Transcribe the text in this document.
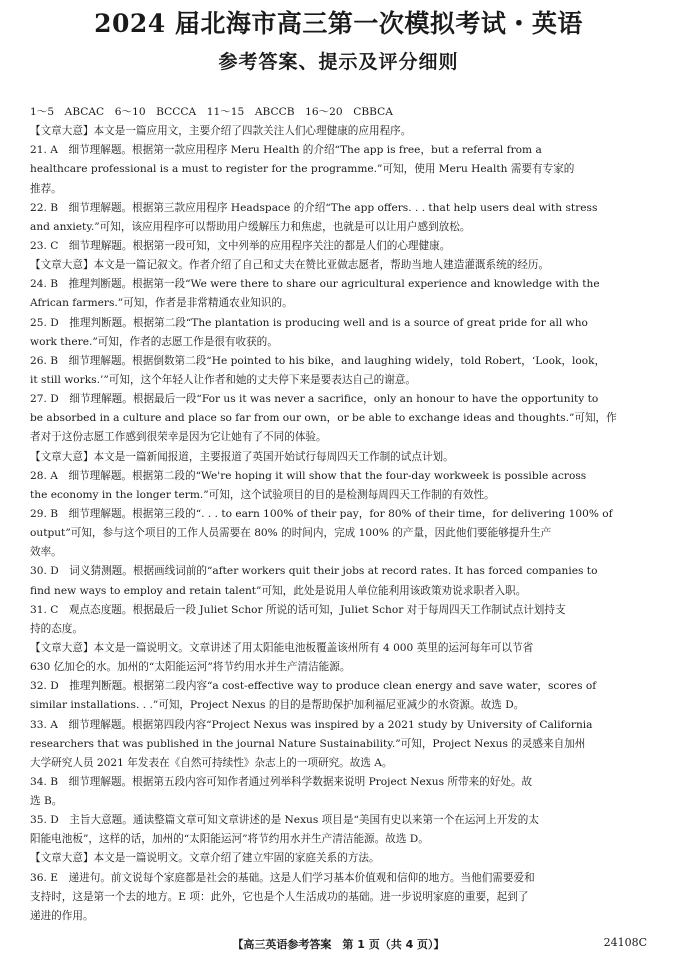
2024 届北海市高三第一次模拟考试・英语
参考答案、提示及评分细则
1～5　ABCAC　6～10　BCCCA　11～15　ABCCB　16～20　CBBCA
【文章大意】本文是一篇应用文，主要介绍了四款关注人们心理健康的应用程序。
21. A　细节理解题。根据第一款应用程序 Meru Health 的介绍“The app is free，but a referral from a
healthcare professional is a must to register for the programme.”可知，使用 Meru Health 需要有专家的
推荐。
22. B　细节理解题。根据第三款应用程序 Headspace 的介绍“The app offers. . . that help users deal with stress
and anxiety.”可知，该应用程序可以帮助用户缓解压力和焦虑，也就是可以让用户感到放松。
23. C　细节理解题。根据第一段可知，文中列举的应用程序关注的都是人们的心理健康。
【文章大意】本文是一篇记叙文。作者介绍了自己和丈夫在赞比亚做志愿者，帮助当地人建造灌溉系统的经历。
24. B　推理判断题。根据第一段“We were there to share our agricultural experience and knowledge with the
African farmers.”可知，作者是非常精通农业知识的。
25. D　推理判断题。根据第二段“The plantation is producing well and is a source of great pride for all who
work there.”可知，作者的志愿工作是很有收获的。
26. B　细节理解题。根据倒数第二段“He pointed to his bike，and laughing widely，told Robert，‘Look，look，
it still works.’”可知，这个年轻人让作者和她的丈夫停下来是要表达自己的谢意。
27. D　细节理解题。根据最后一段“For us it was never a sacrifice，only an honour to have the opportunity to
be absorbed in a culture and place so far from our own，or be able to exchange ideas and thoughts.”可知，作
者对于这份志愿工作感到很荣幸是因为它让她有了不同的体验。
【文章大意】本文是一篇新闻报道，主要报道了英国开始试行每周四天工作制的试点计划。
28. A　细节理解题。根据第二段的“We're hoping it will show that the four-day workweek is possible across
the economy in the longer term.”可知，这个试验项目的目的是检测每周四天工作制的有效性。
29. B　细节理解题。根据第三段的“. . . to earn 100% of their pay，for 80% of their time，for delivering 100% of
output”可知，参与这个项目的工作人员需要在 80% 的时间内，完成 100% 的产量，因此他们要能够提升生产
效率。
30. D　词义猜测题。根据画线词前的“after workers quit their jobs at record rates. It has forced companies to
find new ways to employ and retain talent”可知，此处是说用人单位能利用该政策劝说求职者入职。
31. C　观点态度题。根据最后一段 Juliet Schor 所说的话可知，Juliet Schor 对于每周四天工作制试点计划持支
持的态度。
【文章大意】本文是一篇说明文。文章讲述了用太阳能电池板覆盖该州所有 4 000 英里的运河每年可以节省
630 亿加仑的水。加州的“太阳能运河”将节约用水并生产清洁能源。
32. D　推理判断题。根据第二段内容“a cost-effective way to produce clean energy and save water，scores of
similar installations. . .”可知，Project Nexus 的目的是帮助保护加利福尼亚减少的水资源。故选 D。
33. A　细节理解题。根据第四段内容“Project Nexus was inspired by a 2021 study by University of California
researchers that was published in the journal Nature Sustainability.”可知，Project Nexus 的灵感来自加州
大学研究人员 2021 年发表在《自然可持续性》杂志上的一项研究。故选 A。
34. B　细节理解题。根据第五段内容可知作者通过列举科学数据来说明 Project Nexus 所带来的好处。故
选 B。
35. D　主旨大意题。通读整篇文章可知文章讲述的是 Nexus 项目是“美国有史以来第一个在运河上开发的太
阳能电池板”，这样的话，加州的“太阳能运河”将节约用水并生产清洁能源。故选 D。
【文章大意】本文是一篇说明文。文章介绍了建立牢固的家庭关系的方法。
36. E　递进句。前文说每个家庭都是社会的基础。这是人们学习基本价值观和信仰的地方。当他们需要爱和
支持时，这是第一个去的地方。E 项：此外，它也是个人生活成功的基础。进一步说明家庭的重要，起到了
递进的作用。
【高三英语参考答案　第 1 页（共 4 页）】	24108C
